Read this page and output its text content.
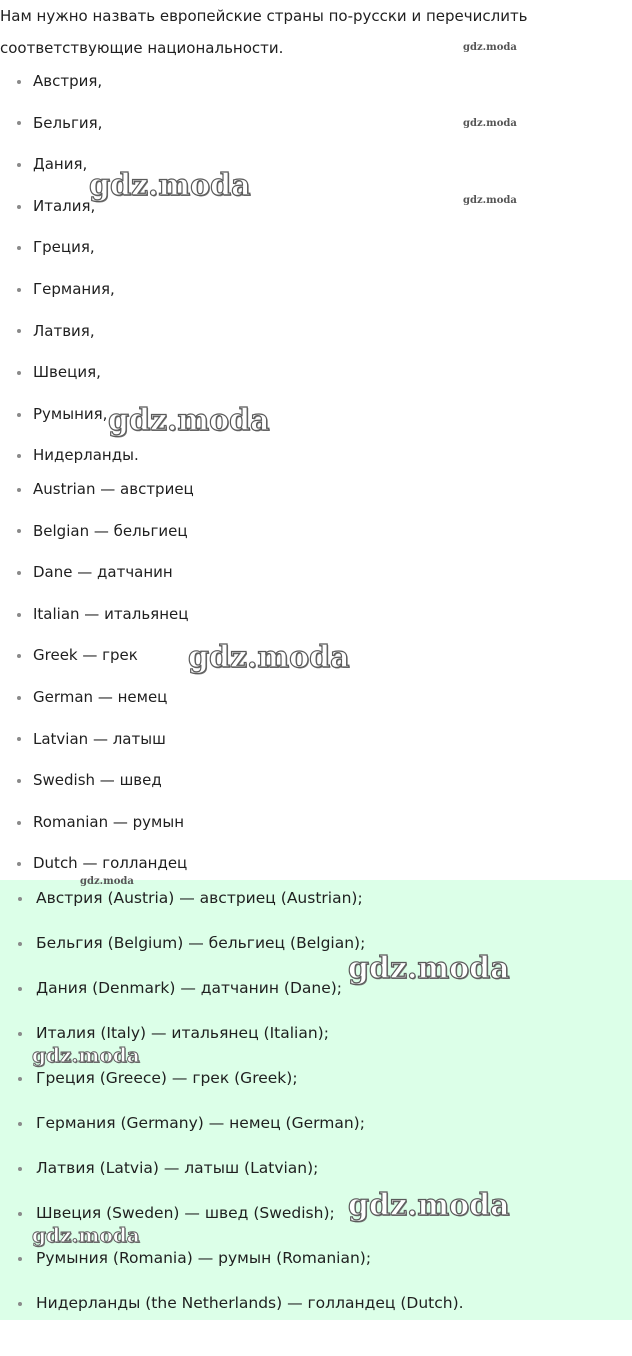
Нам нужно назвать европейские страны по-русски и перечислить соответствующие национальности.

Австрия,
Бельгия,
Дания,
Италия,
Греция,
Германия,
Латвия,
Швеция,
Румыния,
Нидерланды.
Austrian — австриец
Belgian — бельгиец
Dane — датчанин
Italian — итальянец
Greek — грек
German — немец
Latvian — латыш
Swedish — швед
Romanian — румын
Dutch — голландец
Австрия (Austria) — австриец (Austrian);
Бельгия (Belgium) — бельгиец (Belgian);
Дания (Denmark) — датчанин (Dane);
Италия (Italy) — итальянец (Italian);
Греция (Greece) — грек (Greek);
Германия (Germany) — немец (German);
Латвия (Latvia) — латыш (Latvian);
Швеция (Sweden) — швед (Swedish);
Румыния (Romania) — румын (Romanian);
Нидерланды (the Netherlands) — голландец (Dutch).
gdz.moda
gdz.moda
gdz.moda
gdz.moda
gdz.moda
gdz.moda
gdz.moda
gdz.moda
gdz.moda
gdz.moda
gdz.moda
